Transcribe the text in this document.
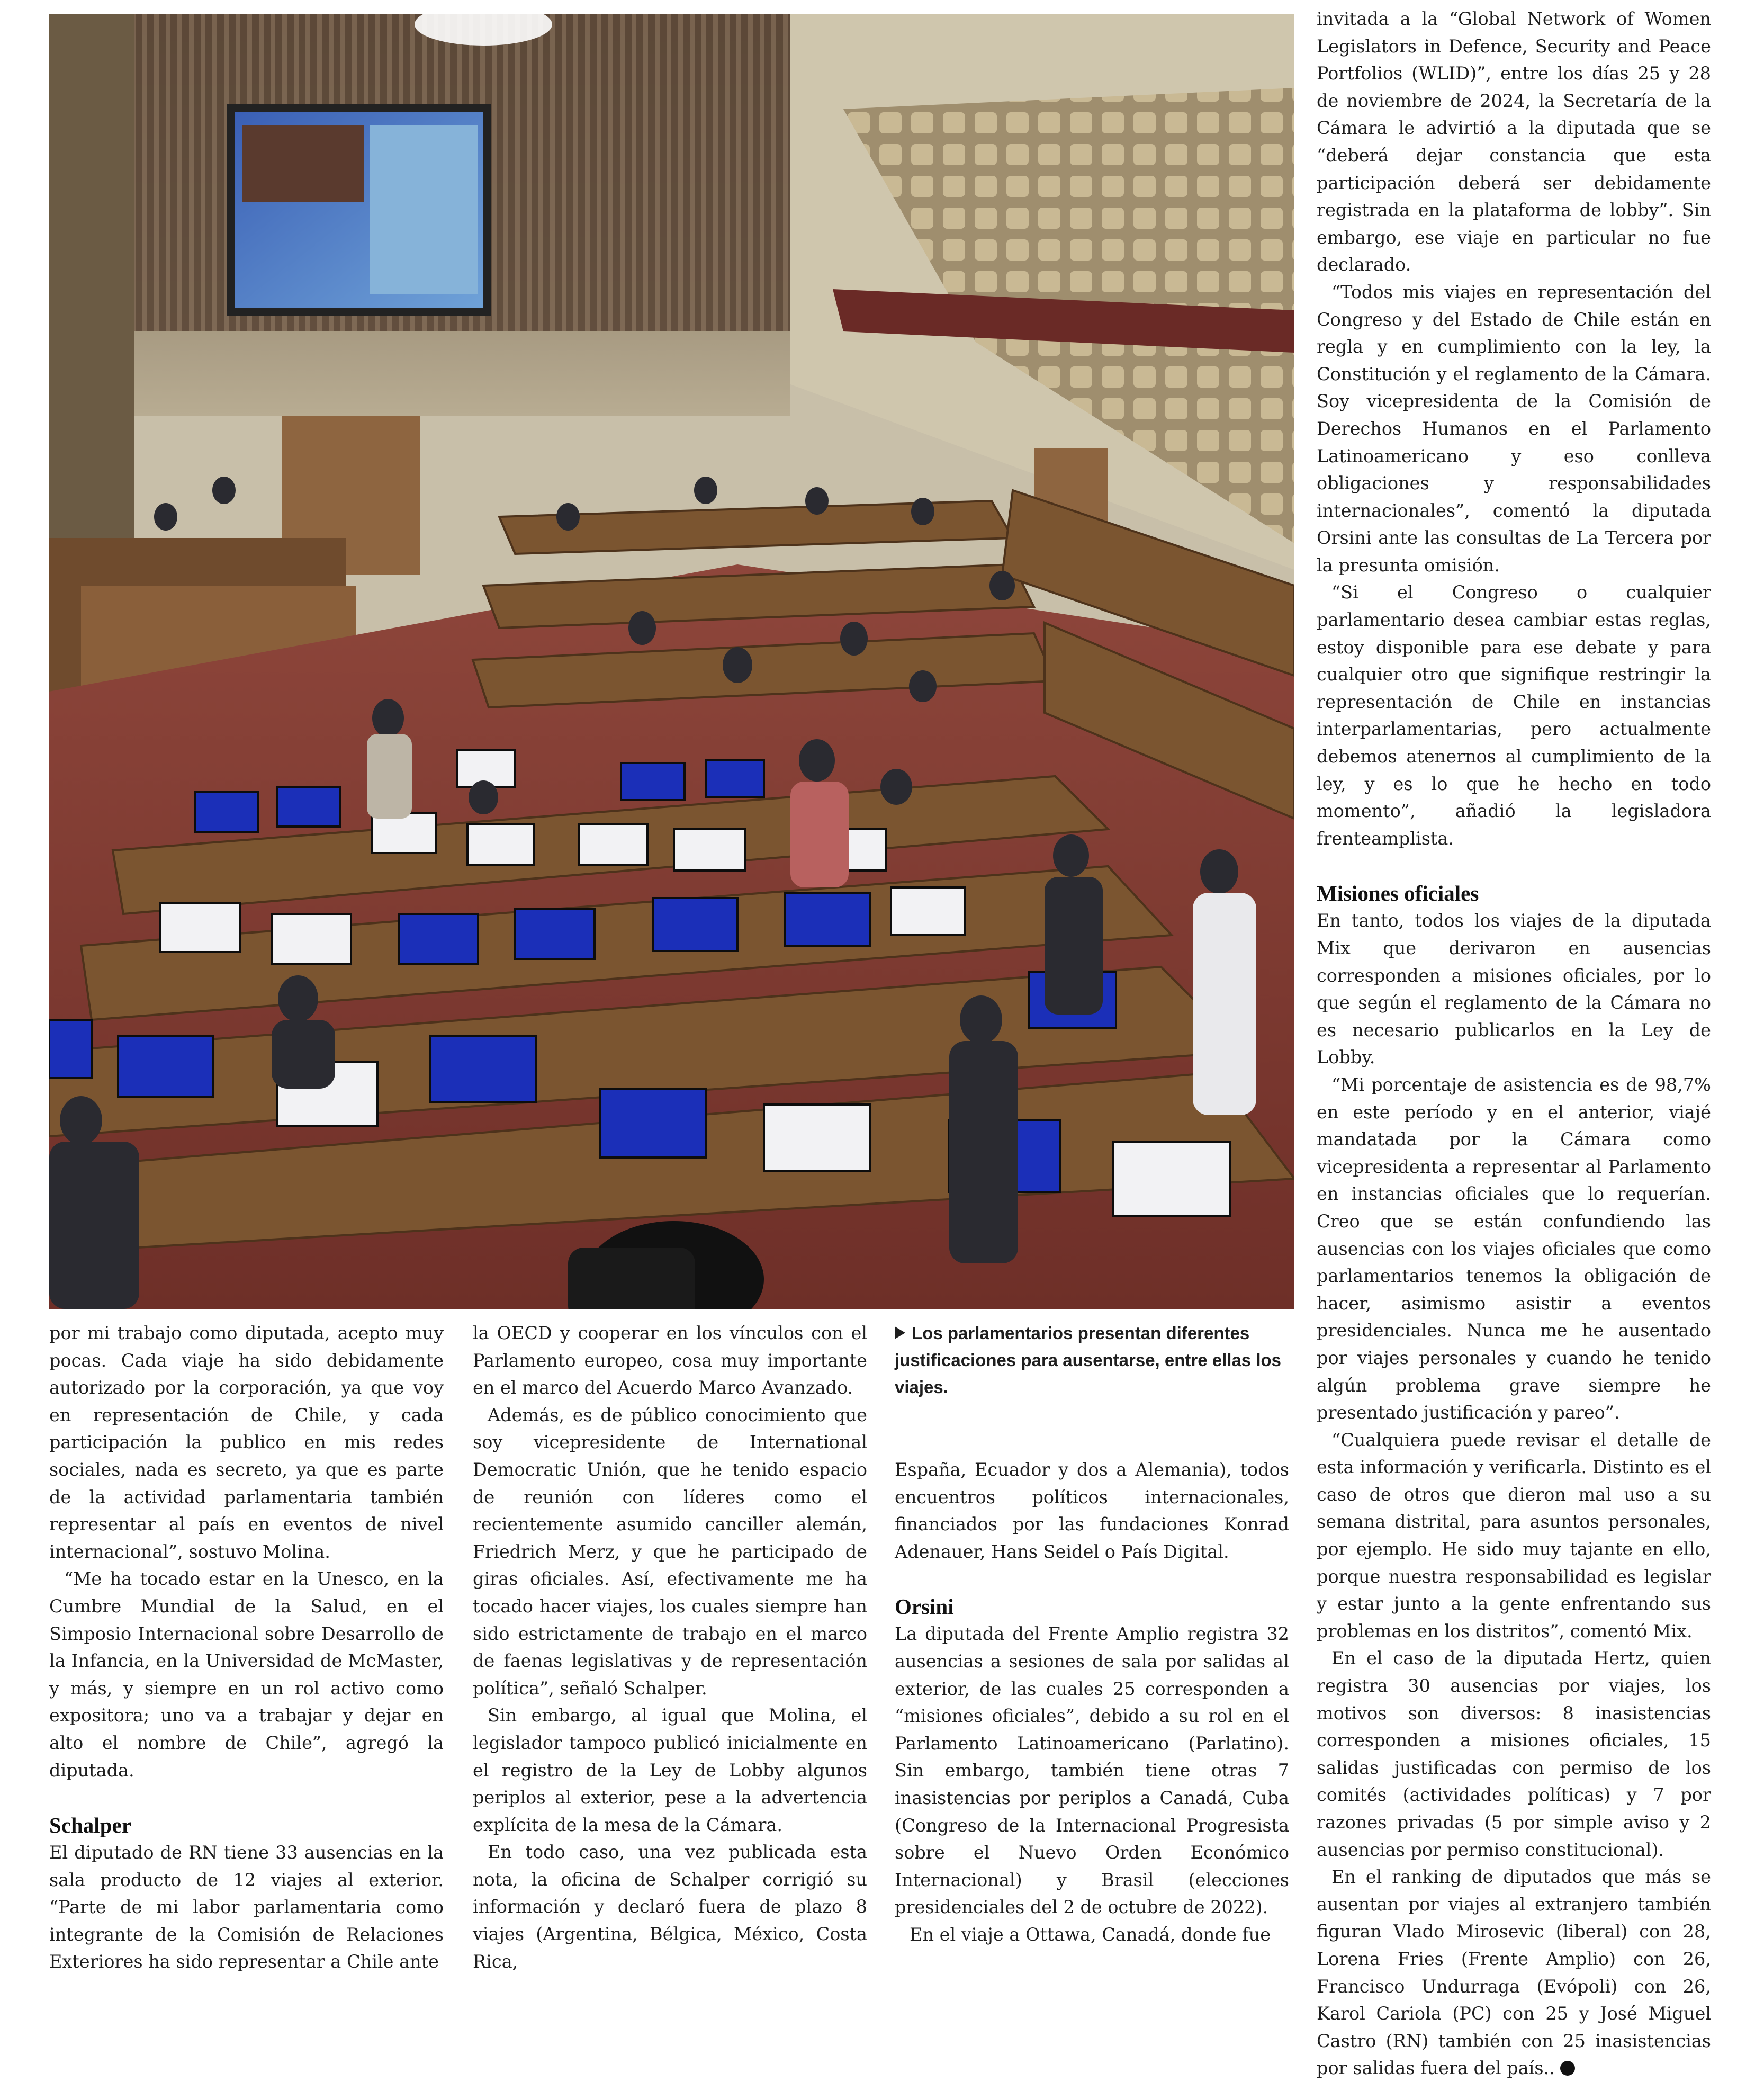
por mi trabajo como diputada, acepto muy pocas. Cada viaje ha sido debidamente autorizado por la corporación, ya que voy en representación de Chile, y cada participación la publico en mis redes sociales, nada es secreto, ya que es parte de la actividad parlamentaria también representar al país en eventos de nivel internacional”, sostuvo Molina.

“Me ha tocado estar en la Unesco, en la Cumbre Mundial de la Salud, en el Simposio Internacional sobre Desarrollo de la Infancia, en la Universidad de McMaster, y más, y siempre en un rol activo como expositora; uno va a trabajar y dejar en alto el nombre de Chile”, agregó la diputada.

Schalper

El diputado de RN tiene 33 ausencias en la sala producto de 12 viajes al exterior. “Parte de mi labor parlamentaria como integrante de la Comisión de Relaciones Exteriores ha sido representar a Chile ante

la OECD y cooperar en los vínculos con el Parlamento europeo, cosa muy importante en el marco del Acuerdo Marco Avanzado.

Además, es de público conocimiento que soy vicepresidente de International Democratic Unión, que he tenido espacio de reunión con líderes como el recientemente asumido canciller alemán, Friedrich Merz, y que he participado de giras oficiales. Así, efectivamente me ha tocado hacer viajes, los cuales siempre han sido estrictamente de trabajo en el marco de faenas legislativas y de representación política”, señaló Schalper.

Sin embargo, al igual que Molina, el legislador tampoco publicó inicialmente en el registro de la Ley de Lobby algunos periplos al exterior, pese a la advertencia explícita de la mesa de la Cámara.

En todo caso, una vez publicada esta nota, la oficina de Schalper corrigió su información y declaró fuera de plazo 8 viajes (Argentina, Bélgica, México, Costa Rica,

Los parlamentarios presentan diferentes justificaciones para ausentarse, entre ellas los viajes.

España, Ecuador y dos a Alemania), todos encuentros políticos internacionales, financiados por las fundaciones Konrad Adenauer, Hans Seidel o País Digital.

Orsini

La diputada del Frente Amplio registra 32 ausencias a sesiones de sala por salidas al exterior, de las cuales 25 corresponden a “misiones oficiales”, debido a su rol en el Parlamento Latinoamericano (Parlatino). Sin embargo, también tiene otras 7 inasistencias por periplos a Canadá, Cuba (Congreso de la Internacional Progresista sobre el Nuevo Orden Económico Internacional) y Brasil (elecciones presidenciales del 2 de octubre de 2022).

En el viaje a Ottawa, Canadá, donde fue

invitada a la “Global Network of Women Legislators in Defence, Security and Peace Portfolios (WLID)”, entre los días 25 y 28 de noviembre de 2024, la Secretaría de la Cámara le advirtió a la diputada que se “deberá dejar constancia que esta participación deberá ser debidamente registrada en la plataforma de lobby”. Sin embargo, ese viaje en particular no fue declarado.

“Todos mis viajes en representación del Congreso y del Estado de Chile están en regla y en cumplimiento con la ley, la Constitución y el reglamento de la Cámara. Soy vicepresidenta de la Comisión de Derechos Humanos en el Parlamento Latinoamericano y eso conlleva obligaciones y responsabilidades internacionales”, comentó la diputada Orsini ante las consultas de La Tercera por la presunta omisión.

“Si el Congreso o cualquier parlamentario desea cambiar estas reglas, estoy disponible para ese debate y para cualquier otro que signifique restringir la representación de Chile en instancias interparlamentarias, pero actualmente debemos atenernos al cumplimiento de la ley, y es lo que he hecho en todo momento”, añadió la legisladora frenteamplista.

Misiones oficiales

En tanto, todos los viajes de la diputada Mix que derivaron en ausencias corresponden a misiones oficiales, por lo que según el reglamento de la Cámara no es necesario publicarlos en la Ley de Lobby.

“Mi porcentaje de asistencia es de 98,7% en este período y en el anterior, viajé mandatada por la Cámara como vicepresidenta a representar al Parlamento en instancias oficiales que lo requerían. Creo que se están confundiendo las ausencias con los viajes oficiales que como parlamentarios tenemos la obligación de hacer, asimismo asistir a eventos presidenciales. Nunca me he ausentado por viajes personales y cuando he tenido algún problema grave siempre he presentado justificación y pareo”.

“Cualquiera puede revisar el detalle de esta información y verificarla. Distinto es el caso de otros que dieron mal uso a su semana distrital, para asuntos personales, por ejemplo. He sido muy tajante en ello, porque nuestra responsabilidad es legislar y estar junto a la gente enfrentando sus problemas en los distritos”, comentó Mix.

En el caso de la diputada Hertz, quien registra 30 ausencias por viajes, los motivos son diversos: 8 inasistencias corresponden a misiones oficiales, 15 salidas justificadas con permiso de los comités (actividades políticas) y 7 por razones privadas (5 por simple aviso y 2 ausencias por permiso constitucional).

En el ranking de diputados que más se ausentan por viajes al extranjero también figuran Vlado Mirosevic (liberal) con 28, Lorena Fries (Frente Amplio) con 26, Francisco Undurraga (Evópoli) con 26, Karol Cariola (PC) con 25 y José Miguel Castro (RN) también con 25 inasistencias por salidas fuera del país..
